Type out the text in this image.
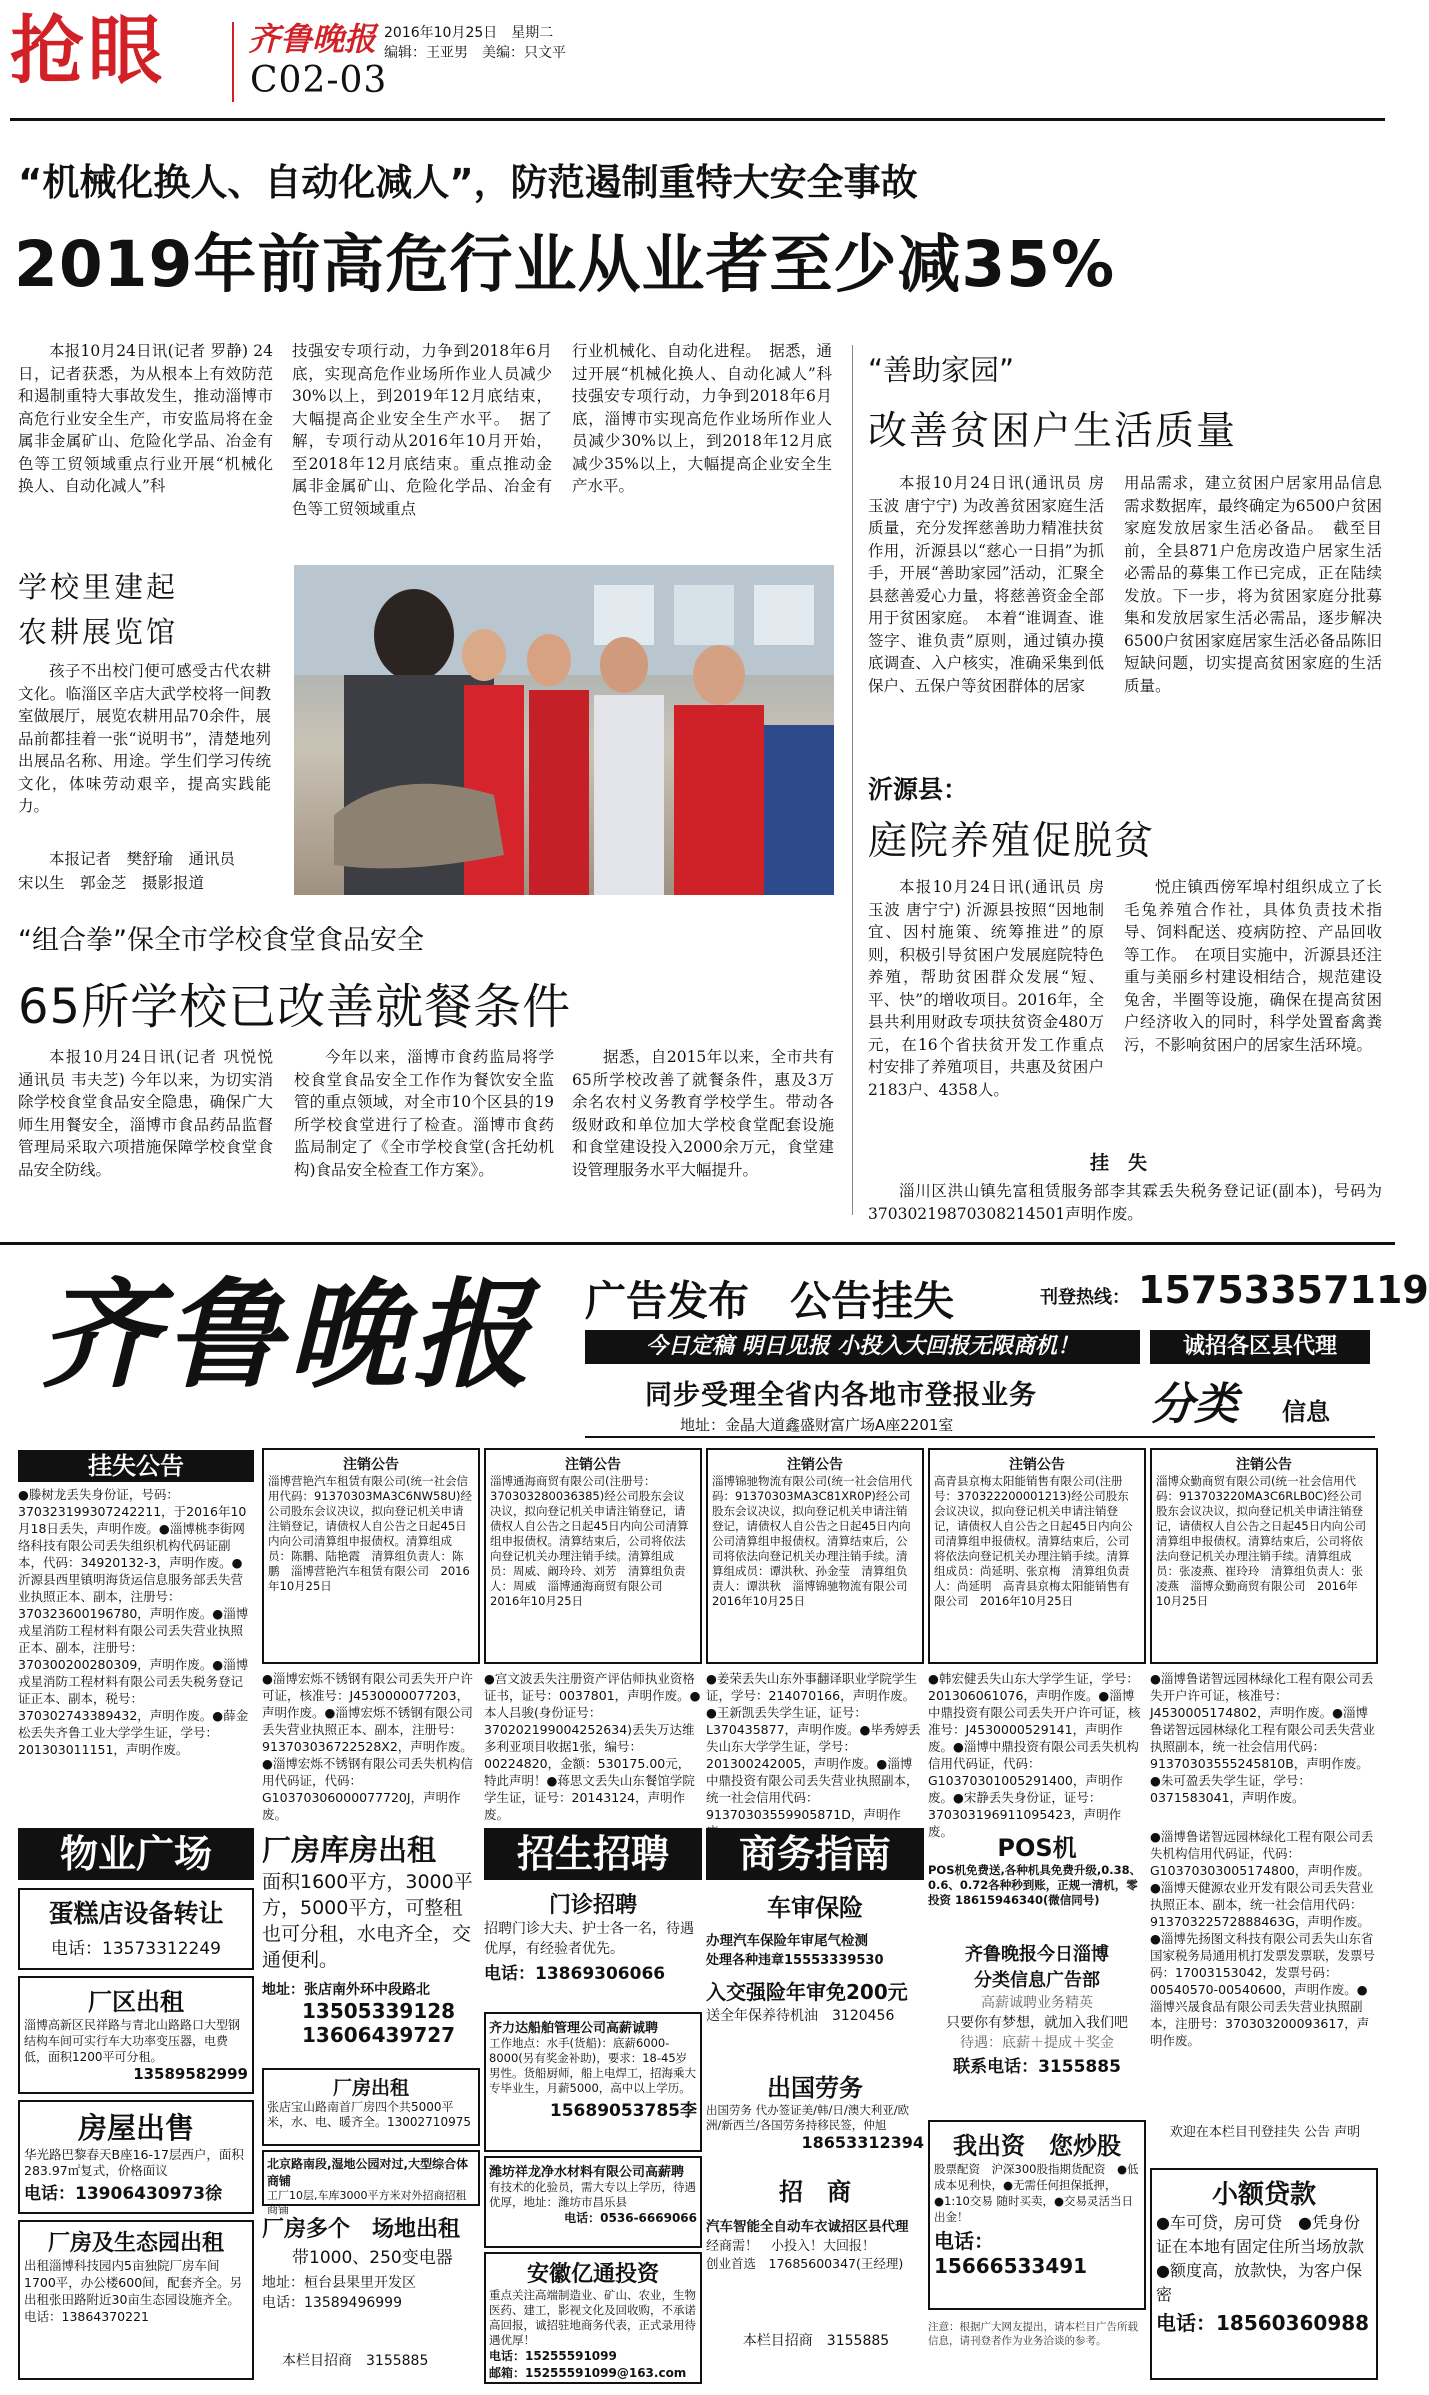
抢眼	齐鲁晚报
C02-03
2016年10月25日　星期二
编辑：王亚男　美编：只文平
“机械化换人、自动化减人”，防范遏制重特大安全事故
2019年前高危行业从业者至少减35%
本报10月24日讯(记者 罗静) 24日，记者获悉，为从根本上有效防范和遏制重特大事故发生，推动淄博市高危行业安全生产，市安监局将在金属非金属矿山、危险化学品、冶金有色等工贸领域重点行业开展“机械化换人、自动化减人”科
技强安专项行动，力争到2018年6月底，实现高危作业场所作业人员减少30%以上，到2019年12月底结束，大幅提高企业安全生产水平。　据了解，专项行动从2016年10月开始，至2018年12月底结束。重点推动金属非金属矿山、危险化学品、冶金有色等工贸领域重点
行业机械化、自动化进程。　据悉，通过开展“机械化换人、自动化减人”科技强安专项行动，力争到2018年6月底，淄博市实现高危作业场所作业人员减少30%以上，到2018年12月底减少35%以上，大幅提高企业安全生产水平。
学校里建起
农耕展览馆
孩子不出校门便可感受古代农耕文化。临淄区辛店大武学校将一间教室做展厅，展览农耕用品70余件，展品前都挂着一张“说明书”，清楚地列出展品名称、用途。学生们学习传统文化，体味劳动艰辛，提高实践能力。
本报记者　樊舒瑜　通讯员
宋以生　郭金芝　摄影报道
“组合拳”保全市学校食堂食品安全
65所学校已改善就餐条件
本报10月24日讯(记者 巩悦悦 通讯员 韦夫芝) 今年以来，为切实消除学校食堂食品安全隐患，确保广大师生用餐安全，淄博市食品药品监督管理局采取六项措施保障学校食堂食品安全防线。
今年以来，淄博市食药监局将学校食堂食品安全工作作为餐饮安全监管的重点领域，对全市10个区县的19所学校食堂进行了检查。淄博市食药监局制定了《全市学校食堂(含托幼机构)食品安全检查工作方案》。
据悉，自2015年以来，全市共有65所学校改善了就餐条件，惠及3万余名农村义务教育学校学生。带动各级财政和单位加大学校食堂配套设施和食堂建设投入2000余万元，食堂建设管理服务水平大幅提升。
“善助家园”
改善贫困户生活质量
本报10月24日讯(通讯员 房玉波 唐宁宁) 为改善贫困家庭生活质量，充分发挥慈善助力精准扶贫作用，沂源县以“慈心一日捐”为抓手，开展“善助家园”活动，汇聚全县慈善爱心力量，将慈善资金全部用于贫困家庭。　本着“谁调查、谁签字、谁负责”原则，通过镇办摸底调查、入户核实，准确采集到低保户、五保户等贫困群体的居家
用品需求，建立贫困户居家用品信息需求数据库，最终确定为6500户贫困家庭发放居家生活必备品。　截至目前，全县871户危房改造户居家生活必需品的募集工作已完成，正在陆续发放。下一步，将为贫困家庭分批募集和发放居家生活必需品，逐步解决6500户贫困家庭居家生活必备品陈旧短缺问题，切实提高贫困家庭的生活质量。
沂源县：
庭院养殖促脱贫
本报10月24日讯(通讯员 房玉波 唐宁宁) 沂源县按照“因地制宜、因村施策、统筹推进”的原则，积极引导贫困户发展庭院特色养殖，帮助贫困群众发展“短、平、快”的增收项目。2016年，全县共利用财政专项扶贫资金480万元，在16个省扶贫开发工作重点村安排了养殖项目，共惠及贫困户2183户、4358人。
悦庄镇西傍军埠村组织成立了长毛兔养殖合作社，具体负责技术指导、饲料配送、疫病防控、产品回收等工作。　在项目实施中，沂源县还注重与美丽乡村建设相结合，规范建设兔舍，半圈等设施，确保在提高贫困户经济收入的同时，科学处置畜禽粪污，不影响贫困户的居家生活环境。
挂　失
淄川区洪山镇先富租赁服务部李其霖丢失税务登记证(副本)，号码为37030219870308214501声明作废。
齐鲁晚报 广告发布　公告挂失	刊登热线： 15753357119
今日定稿 明日见报 小投入大回报无限商机！	诚招各区县代理
同步受理全省内各地市登报业务	分类 信息
地址：金晶大道鑫盛财富广场A座2201室
挂失公告
●滕树龙丢失身份证，号码：370323199307242211，于2016年10月18日丢失，声明作废。●淄博桃李街网络科技有限公司丢失组织机构代码证副本，代码：34920132-3，声明作废。●沂源县西里镇明海货运信息服务部丢失营业执照正本、副本，注册号：370323600196780，声明作废。●淄博戎星消防工程材料有限公司丢失营业执照正本、副本，注册号：370300200280309，声明作废。●淄博戎星消防工程材料有限公司丢失税务登记证正本、副本，税号：370302743389432，声明作废。●薛金松丢失齐鲁工业大学学生证，学号：201303011151，声明作废。
注销公告
淄博营艳汽车租赁有限公司(统一社会信用代码：91370303MA3C6NW58U)经公司股东会议决议，拟向登记机关申请注销登记，请债权人自公告之日起45日内向公司清算组申报债权。清算组成员：陈鹏、陆艳霞　清算组负责人：陈鹏　淄博营艳汽车租赁有限公司　2016年10月25日
注销公告
淄博通海商贸有限公司(注册号：370303280036385)经公司股东会议决议，拟向登记机关申请注销登记，请债权人自公告之日起45日内向公司清算组申报债权。清算结束后，公司将依法向登记机关办理注销手续。清算组成员：周威、阚玲玲、刘芳　清算组负责人：周威　淄博通海商贸有限公司　2016年10月25日
注销公告
淄博锦驰物流有限公司(统一社会信用代码：91370303MA3C81XR0P)经公司股东会议决议，拟向登记机关申请注销登记，请债权人自公告之日起45日内向公司清算组申报债权。清算结束后，公司将依法向登记机关办理注销手续。清算组成员：谭洪秋、孙金莹　清算组负责人：谭洪秋　淄博锦驰物流有限公司　2016年10月25日
注销公告
高青县京梅太阳能销售有限公司(注册号：370322200001213)经公司股东会议决议，拟向登记机关申请注销登记，请债权人自公告之日起45日内向公司清算组申报债权。清算结束后，公司将依法向登记机关办理注销手续。清算组成员：尚延明、张京梅　清算组负责人：尚延明　高青县京梅太阳能销售有限公司　2016年10月25日
注销公告
淄博众勤商贸有限公司(统一社会信用代码：913703220MA3C6RLB0C)经公司股东会议决议，拟向登记机关申请注销登记，请债权人自公告之日起45日内向公司清算组申报债权。清算结束后，公司将依法向登记机关办理注销手续。清算组成员：张凌燕、崔玲玲　清算组负责人：张凌燕　淄博众勤商贸有限公司　2016年10月25日
●淄博宏烁不锈钢有限公司丢失开户许可证，核准号：J4530000077203，声明作废。●淄博宏烁不锈钢有限公司丢失营业执照正本、副本，注册号：913703036722528X2，声明作废。●淄博宏烁不锈钢有限公司丢失机构信用代码证，代码：G10370306000077720J，声明作废。
●宫文波丢失注册资产评估师执业资格证书，证号：0037801，声明作废。●本人吕骏(身份证号：370202199004252634)丢失万达维多利亚项目收据1张，编号：00224820，金额：530175.00元，特此声明！●蒋思文丢失山东餐馆学院学生证，证号：20143124，声明作废。
●姜荣丢失山东外事翻译职业学院学生证，学号：214070166，声明作废。●王新凯丢失学生证，证号：L370435877，声明作废。●毕秀婷丢失山东大学学生证，学号：201300242005，声明作废。●淄博中鼎投资有限公司丢失营业执照副本，统一社会信用代码：91370303559905871D，声明作
●韩宏健丢失山东大学学生证，学号：201306061076，声明作废。●淄博中鼎投资有限公司丢失开户许可证，核准号：J4530000529141，声明作废。●淄博中鼎投资有限公司丢失机构信用代码证，代码：G10370301005291400，声明作废。●宋静丢失身份证，证号：370303196911095423，声明作废。
●淄博鲁诺智远园林绿化工程有限公司丢失开户许可证，核准号：J4530005174802，声明作废。●淄博鲁诺智远园林绿化工程有限公司丢失营业执照副本，统一社会信用代码：91370303555245810B，声明作废。●朱可盈丢失学生证，学号：0371583041，声明作废。
物业广场
蛋糕店设备转让
电话：13573312249
厂区出租
淄博高新区民祥路与青北山路路口大型钢结构车间可实行车大功率变压器，电费低，面积1200平可分租。
13589582999
房屋出售
华光路巴黎春天B座16-17层西户，面积283.97㎡复式，价格面议
电话：13906430973徐
厂房及生态园出租
出租淄博科技园内5亩独院厂房车间1700平，办公楼600间，配套齐全。另出租张田路附近30亩生态园设施齐全。电话：13864370221
厂房库房出租
面积1600平方，3000平方，5000平方，可整租也可分租，水电齐全，交通便利。
地址：张店南外环中段路北
13505339128
13606439727
厂房出租
张店宝山路南首厂房四个共5000平米，水、电、暖齐全。13002710975
北京路南段,湿地公园对过,大型综合体商铺
工厂10层,车库3000平方米对外招商招租商铺
厂房多个　场地出租
带1000、250变电器
地址：桓台县果里开发区
电话：13589496999
本栏目招商　3155885
招生招聘
门诊招聘
招聘门诊大夫、护士各一名，待遇优厚，有经验者优先。
电话：13869306066
齐力达船舶管理公司高薪诚聘
工作地点：水手(货船)：底薪6000-8000(另有奖金补助)，要求：18-45岁男性。货船厨师，船上电焊工，招海乘大专毕业生，月薪5000，高中以上学历。
15689053785李
潍坊祥龙净水材料有限公司高薪聘
有技术的化验员，需大专以上学历，待遇优厚，地址：潍坊市昌乐县
电话：0536-6669066
安徽亿通投资
重点关注高端制造业、矿山、农业，生物医药、建工，影视文化及回收购，不承诺高回报，诚招驻地商务代表，正式录用待遇优厚！
电话：15255591099
邮箱：15255591099@163.com
商务指南
车审保险
办理汽车保险年审尾气检测
处理各种违章15553339530
入交强险年审免200元
送全年保养待机油　3120456
出国劳务
出国劳务 代办签证美/韩/日/澳大利亚/欧洲/新西兰/各国劳务持移民签，仲旭
18653312394
招　商
汽车智能全自动车衣诚招区县代理
经商需！　小投入！大回报！
创业首选　17685600347(王经理)
本栏目招商　3155885
POS机
POS机免费送,各种机具免费升级,0.38、0.6、0.72各种秒到账，正规一清机，零投资 18615946340(微信同号)
齐鲁晚报今日淄博
分类信息广告部
高薪诚聘业务精英
只要你有梦想，就加入我们吧
待遇：底薪＋提成＋奖金
联系电话：3155885
我出资　您炒股
股票配资　沪深300股指期货配资　●低成本见利快，●无需任何担保抵押，●1:10交易 随时买卖，●交易灵活当日出金！
电话：15666533491
注意：根据广大网友提出，请本栏目广告所载信息，请刊登者作为业务洽谈的参考。
●淄博鲁诺智远园林绿化工程有限公司丢失机构信用代码证，代码：G10370303005174800，声明作废。●淄博天健源农业开发有限公司丢失营业执照正本、副本，统一社会信用代码：91370322572888463G，声明作废。●淄博先扬图文科技有限公司丢失山东省国家税务局通用机打发票发票联，发票号码：17003153042，发票号码：00540570-00540600，声明作废。●淄博兴晟食品有限公司丢失营业执照副本，注册号：370303200093617，声明作废。
欢迎在本栏目刊登挂失 公告 声明
小额贷款
●车可贷，房可贷　●凭身份证在本地有固定住所当场放款　●额度高，放款快，为客户保密
电话：18560360988
